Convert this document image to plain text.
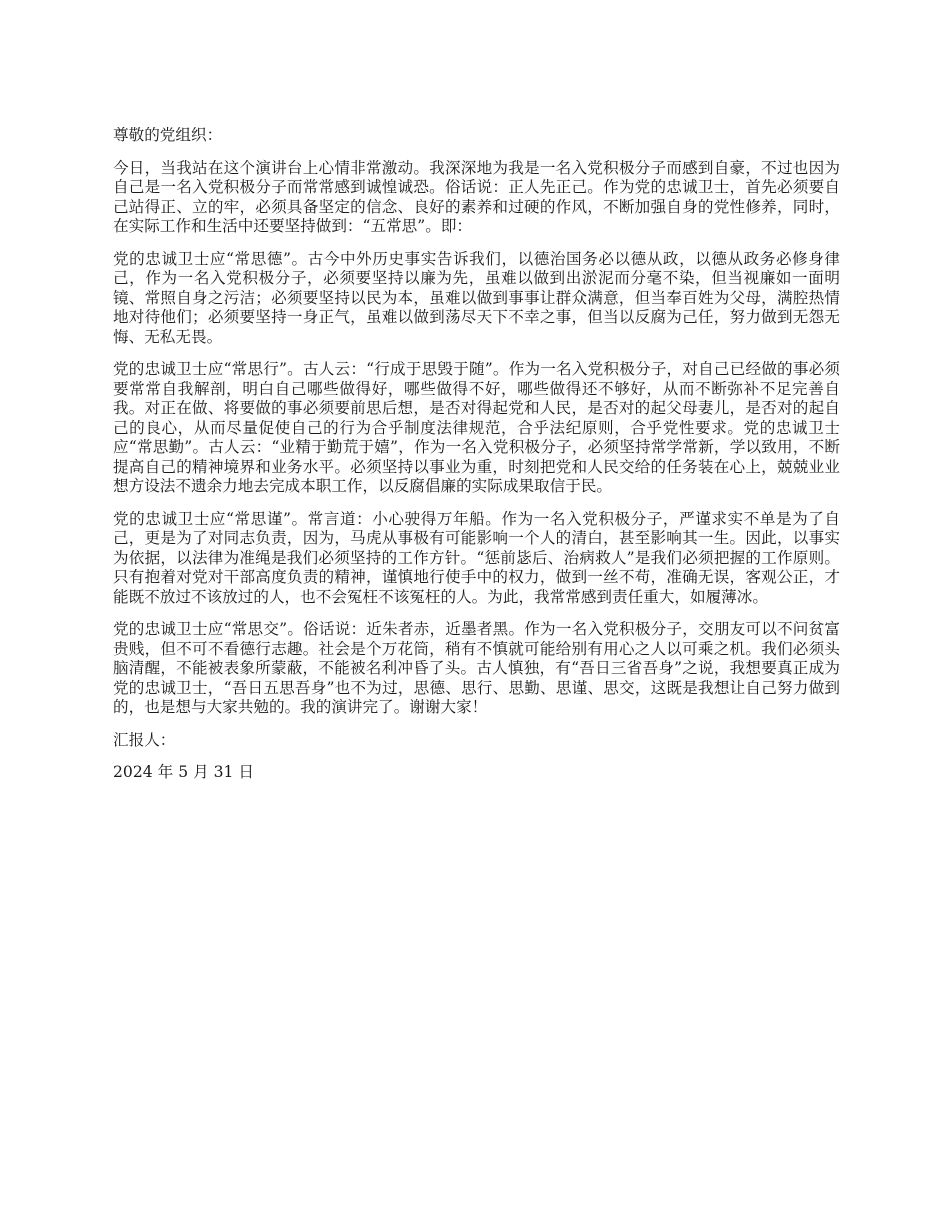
尊敬的党组织：

今日，当我站在这个演讲台上心情非常激动。我深深地为我是一名入党积极分子而感到自豪，不过也因为自己是一名入党积极分子而常常感到诚惶诚恐。俗话说：正人先正己。作为党的忠诚卫士，首先必须要自己站得正、立的牢，必须具备坚定的信念、良好的素养和过硬的作风，不断加强自身的党性修养，同时，在实际工作和生活中还要坚持做到：“五常思”。即：

党的忠诚卫士应“常思德”。古今中外历史事实告诉我们，以德治国务必以德从政，以德从政务必修身律己，作为一名入党积极分子，必须要坚持以廉为先，虽难以做到出淤泥而分毫不染，但当视廉如一面明镜、常照自身之污洁；必须要坚持以民为本，虽难以做到事事让群众满意，但当奉百姓为父母，满腔热情地对待他们；必须要坚持一身正气，虽难以做到荡尽天下不幸之事，但当以反腐为己任，努力做到无怨无悔、无私无畏。

党的忠诚卫士应“常思行”。古人云：“行成于思毁于随”。作为一名入党积极分子，对自己已经做的事必须要常常自我解剖，明白自己哪些做得好，哪些做得不好，哪些做得还不够好，从而不断弥补不足完善自我。对正在做、将要做的事必须要前思后想，是否对得起党和人民，是否对的起父母妻儿，是否对的起自己的良心，从而尽量促使自己的行为合乎制度法律规范，合乎法纪原则，合乎党性要求。党的忠诚卫士应“常思勤”。古人云：“业精于勤荒于嬉”，作为一名入党积极分子，必须坚持常学常新，学以致用，不断提高自己的精神境界和业务水平。必须坚持以事业为重，时刻把党和人民交给的任务装在心上，兢兢业业想方设法不遗余力地去完成本职工作，以反腐倡廉的实际成果取信于民。

党的忠诚卫士应“常思谨”。常言道：小心驶得万年船。作为一名入党积极分子，严谨求实不单是为了自己，更是为了对同志负责，因为，马虎从事极有可能影响一个人的清白，甚至影响其一生。因此，以事实为依据，以法律为准绳是我们必须坚持的工作方针。“惩前毖后、治病救人”是我们必须把握的工作原则。只有抱着对党对干部高度负责的精神，谨慎地行使手中的权力，做到一丝不苟，准确无误，客观公正，才能既不放过不该放过的人，也不会冤枉不该冤枉的人。为此，我常常感到责任重大，如履薄冰。

党的忠诚卫士应“常思交”。俗话说：近朱者赤，近墨者黑。作为一名入党积极分子，交朋友可以不问贫富贵贱，但不可不看德行志趣。社会是个万花筒，稍有不慎就可能给别有用心之人以可乘之机。我们必须头脑清醒，不能被表象所蒙蔽，不能被名利冲昏了头。古人慎独，有“吾日三省吾身”之说，我想要真正成为党的忠诚卫士，“吾日五思吾身”也不为过，思德、思行、思勤、思谨、思交，这既是我想让自己努力做到的，也是想与大家共勉的。我的演讲完了。谢谢大家！

汇报人：

2024 年 5 月 31 日
